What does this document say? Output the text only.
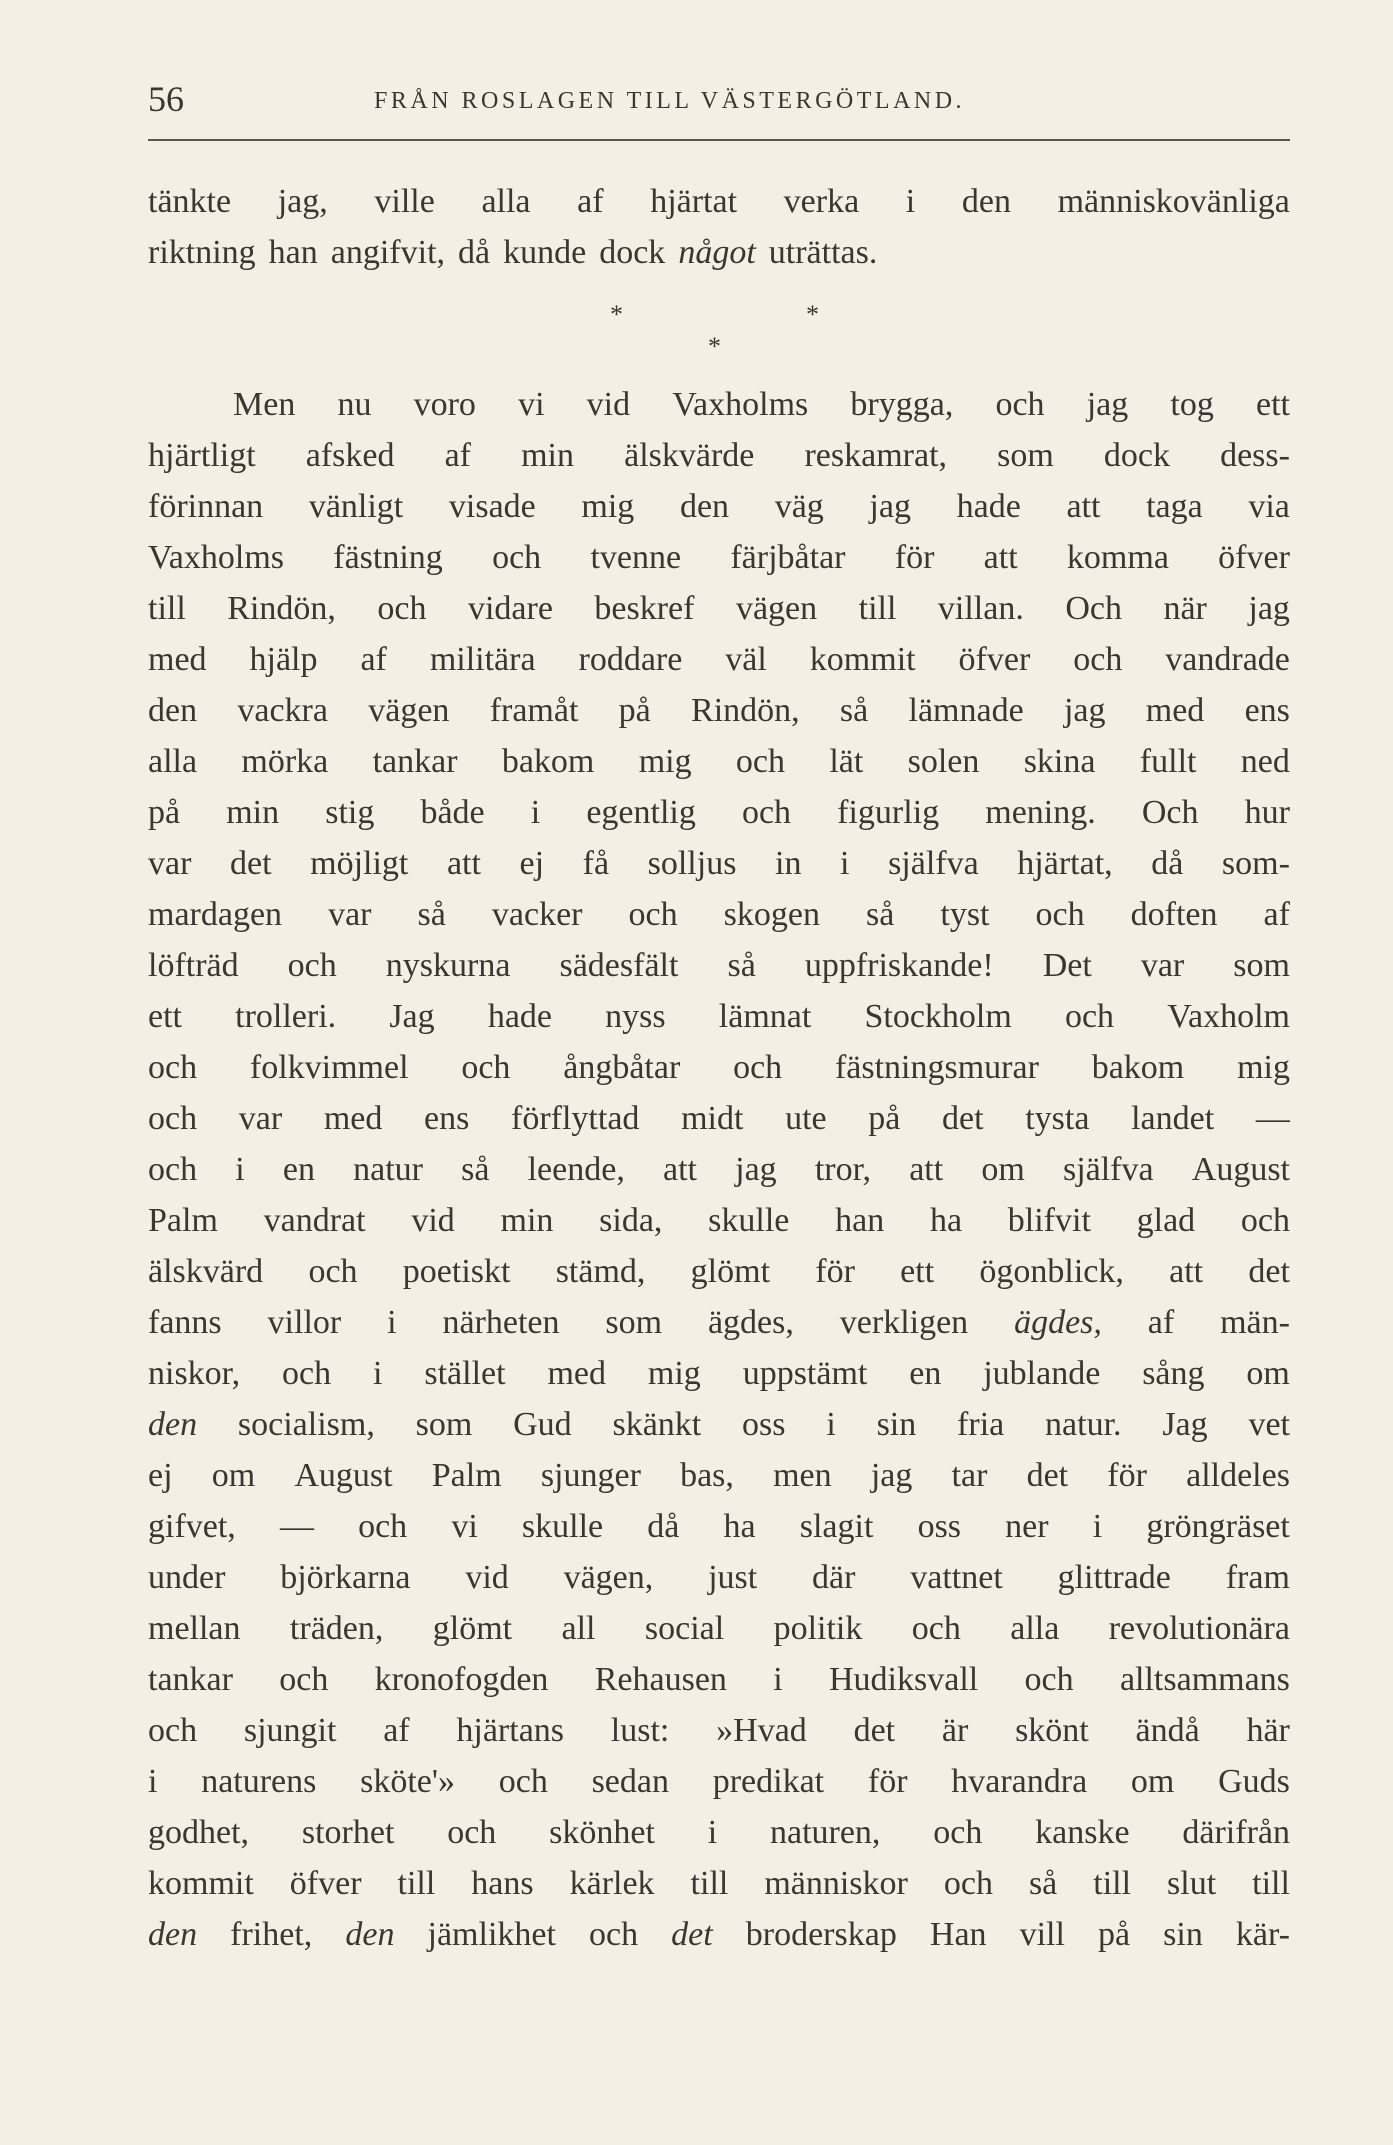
56	FRÅN ROSLAGEN TILL VÄSTERGÖTLAND.
tänkte jag, ville alla af hjärtat verka i den människovänliga
riktning han angifvit, då kunde dock något uträttas.
*	*
*
Men nu voro vi vid Vaxholms brygga, och jag tog ett
hjärtligt afsked af min älskvärde reskamrat, som dock dess-
förinnan vänligt visade mig den väg jag hade att taga via
Vaxholms fästning och tvenne färjbåtar för att komma öfver
till Rindön, och vidare beskref vägen till villan. Och när jag
med hjälp af militära roddare väl kommit öfver och vandrade
den vackra vägen framåt på Rindön, så lämnade jag med ens
alla mörka tankar bakom mig och lät solen skina fullt ned
på min stig både i egentlig och figurlig mening. Och hur
var det möjligt att ej få solljus in i själfva hjärtat, då som-
mardagen var så vacker och skogen så tyst och doften af
löfträd och nyskurna sädesfält så uppfriskande! Det var som
ett trolleri. Jag hade nyss lämnat Stockholm och Vaxholm
och folkvimmel och ångbåtar och fästningsmurar bakom mig
och var med ens förflyttad midt ute på det tysta landet —
och i en natur så leende, att jag tror, att om själfva August
Palm vandrat vid min sida, skulle han ha blifvit glad och
älskvärd och poetiskt stämd, glömt för ett ögonblick, att det
fanns villor i närheten som ägdes, verkligen ägdes, af män-
niskor, och i stället med mig uppstämt en jublande sång om
den socialism, som Gud skänkt oss i sin fria natur. Jag vet
ej om August Palm sjunger bas, men jag tar det för alldeles
gifvet, — och vi skulle då ha slagit oss ner i gröngräset
under björkarna vid vägen, just där vattnet glittrade fram
mellan träden, glömt all social politik och alla revolutionära
tankar och kronofogden Rehausen i Hudiksvall och alltsammans
och sjungit af hjärtans lust: »Hvad det är skönt ändå här
i naturens sköte'» och sedan predikat för hvarandra om Guds
godhet, storhet och skönhet i naturen, och kanske därifrån
kommit öfver till hans kärlek till människor och så till slut till
den frihet, den jämlikhet och det broderskap Han vill på sin kär-
